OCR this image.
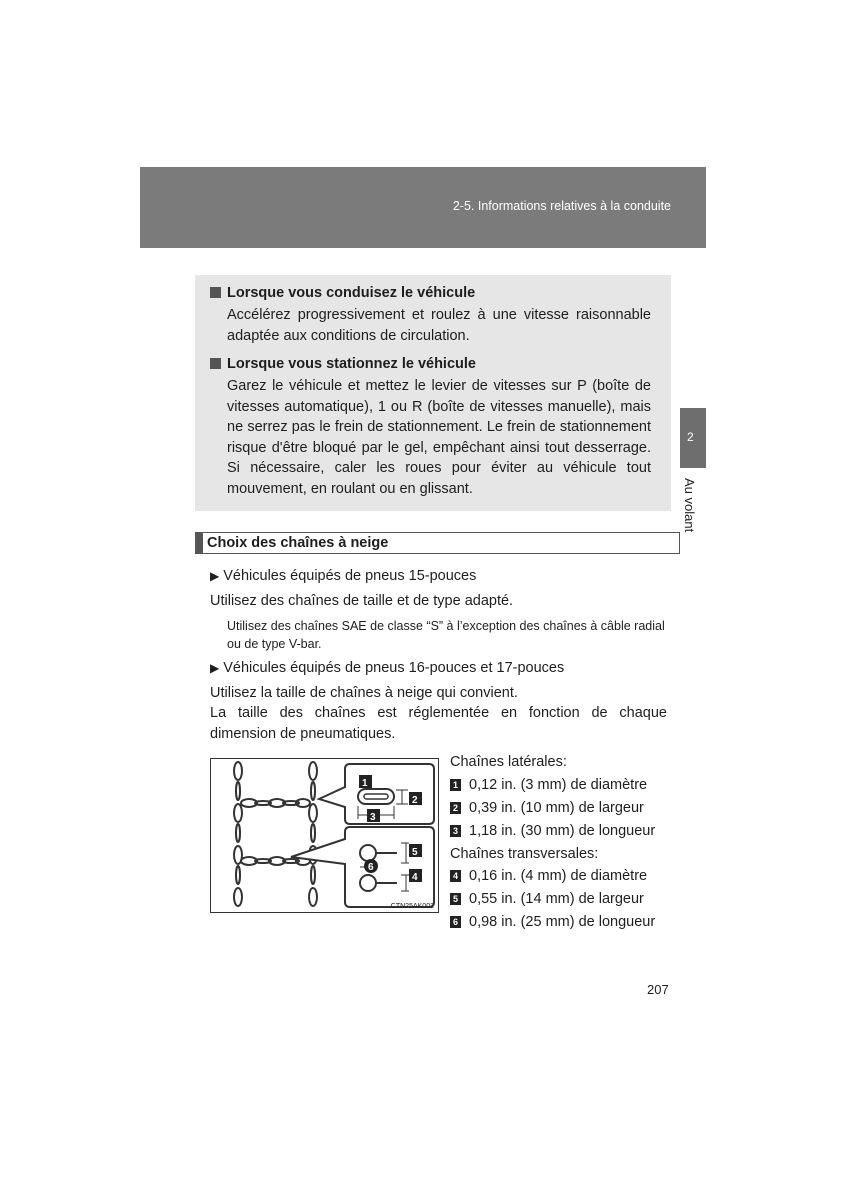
2-5. Informations relatives à la conduite
2
Au volant
Lorsque vous conduisez le véhicule
Accélérez progressivement et roulez à une vitesse raisonnable adaptée aux conditions de circulation.
Lorsque vous stationnez le véhicule
Garez le véhicule et mettez le levier de vitesses sur P (boîte de vitesses automatique), 1 ou R (boîte de vitesses manuelle), mais ne serrez pas le frein de stationnement. Le frein de stationnement risque d'être bloqué par le gel, empêchant ainsi tout desserrage. Si nécessaire, caler les roues pour éviter au véhicule tout mouvement, en roulant ou en glissant.
Choix des chaînes à neige
▶ Véhicules équipés de pneus 15-pouces
Utilisez des chaînes de taille et de type adapté.
Utilisez des chaînes SAE de classe “S” à l’exception des chaînes à câble radial ou de type V-bar.
▶ Véhicules équipés de pneus 16-pouces et 17-pouces
Utilisez la taille de chaînes à neige qui convient.
La taille des chaînes est réglementée en fonction de chaque dimension de pneumatiques.
1
2
3
4
5
6
CTN25AK002
Chaînes latérales:
1 0,12 in. (3 mm) de diamètre
2 0,39 in. (10 mm) de largeur
3 1,18 in. (30 mm) de longueur
Chaînes transversales:
4 0,16 in. (4 mm) de diamètre
5 0,55 in. (14 mm) de largeur
6 0,98 in. (25 mm) de longueur
207
